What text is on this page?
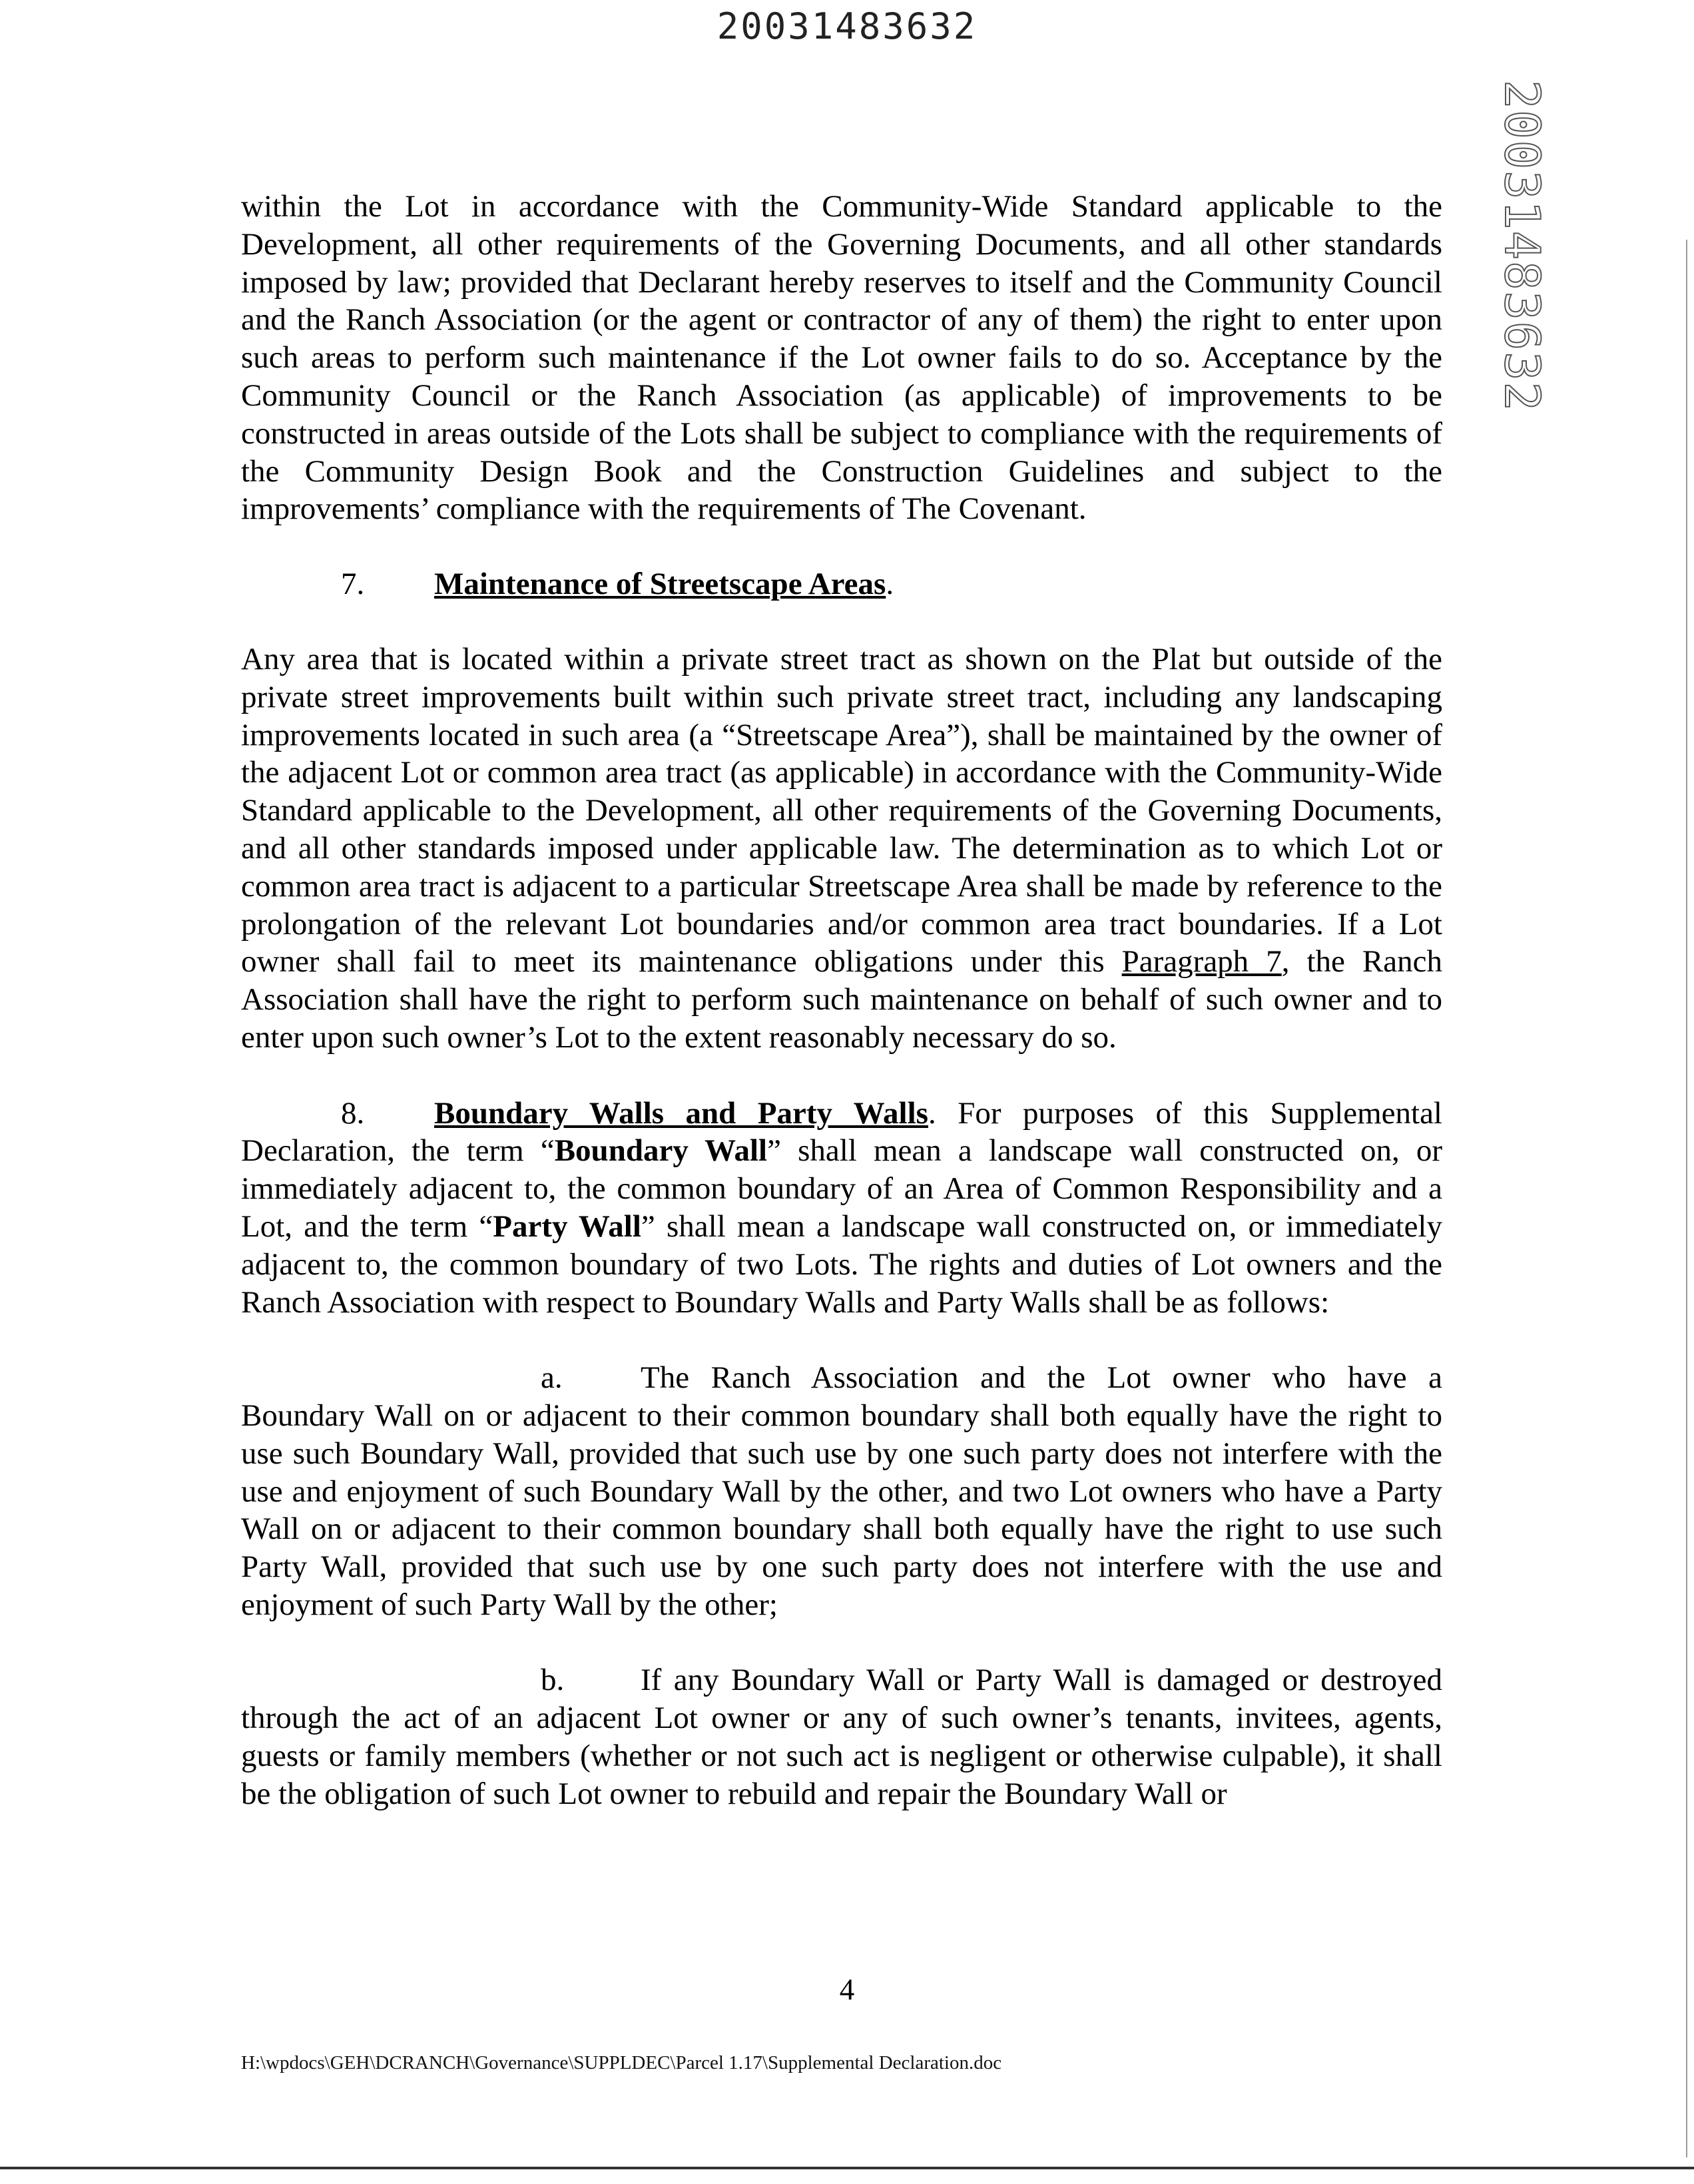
20031483632
20031483632

within the Lot in accordance with the Community-Wide Standard applicable to the Development, all other requirements of the Governing Documents, and all other standards imposed by law; provided that Declarant hereby reserves to itself and the Community Council and the Ranch Association (or the agent or contractor of any of them) the right to enter upon such areas to perform such maintenance if the Lot owner fails to do so. Acceptance by the Community Council or the Ranch Association (as applicable) of improvements to be constructed in areas outside of the Lots shall be subject to compliance with the requirements of the Community Design Book and the Construction Guidelines and subject to the improvements’ compliance with the requirements of The Covenant.

7. Maintenance of Streetscape Areas.

Any area that is located within a private street tract as shown on the Plat but outside of the private street improvements built within such private street tract, including any landscaping improvements located in such area (a “Streetscape Area”), shall be maintained by the owner of the adjacent Lot or common area tract (as applicable) in accordance with the Community-Wide Standard applicable to the Development, all other requirements of the Governing Documents, and all other standards imposed under applicable law. The determination as to which Lot or common area tract is adjacent to a particular Streetscape Area shall be made by reference to the prolongation of the relevant Lot boundaries and/or common area tract boundaries. If a Lot owner shall fail to meet its maintenance obligations under this Paragraph 7, the Ranch Association shall have the right to perform such maintenance on behalf of such owner and to enter upon such owner’s Lot to the extent reasonably necessary do so.

8. Boundary Walls and Party Walls. For purposes of this Supplemental Declaration, the term “Boundary Wall” shall mean a landscape wall constructed on, or immediately adjacent to, the common boundary of an Area of Common Responsibility and a Lot, and the term “Party Wall” shall mean a landscape wall constructed on, or immediately adjacent to, the common boundary of two Lots. The rights and duties of Lot owners and the Ranch Association with respect to Boundary Walls and Party Walls shall be as follows:

a. The Ranch Association and the Lot owner who have a Boundary Wall on or adjacent to their common boundary shall both equally have the right to use such Boundary Wall, provided that such use by one such party does not interfere with the use and enjoyment of such Boundary Wall by the other, and two Lot owners who have a Party Wall on or adjacent to their common boundary shall both equally have the right to use such Party Wall, provided that such use by one such party does not interfere with the use and enjoyment of such Party Wall by the other;

b. If any Boundary Wall or Party Wall is damaged or destroyed through the act of an adjacent Lot owner or any of such owner’s tenants, invitees, agents, guests or family members (whether or not such act is negligent or otherwise culpable), it shall be the obligation of such Lot owner to rebuild and repair the Boundary Wall or

4
H:\wpdocs\GEH\DCRANCH\Governance\SUPPLDEC\Parcel 1.17\Supplemental Declaration.doc
